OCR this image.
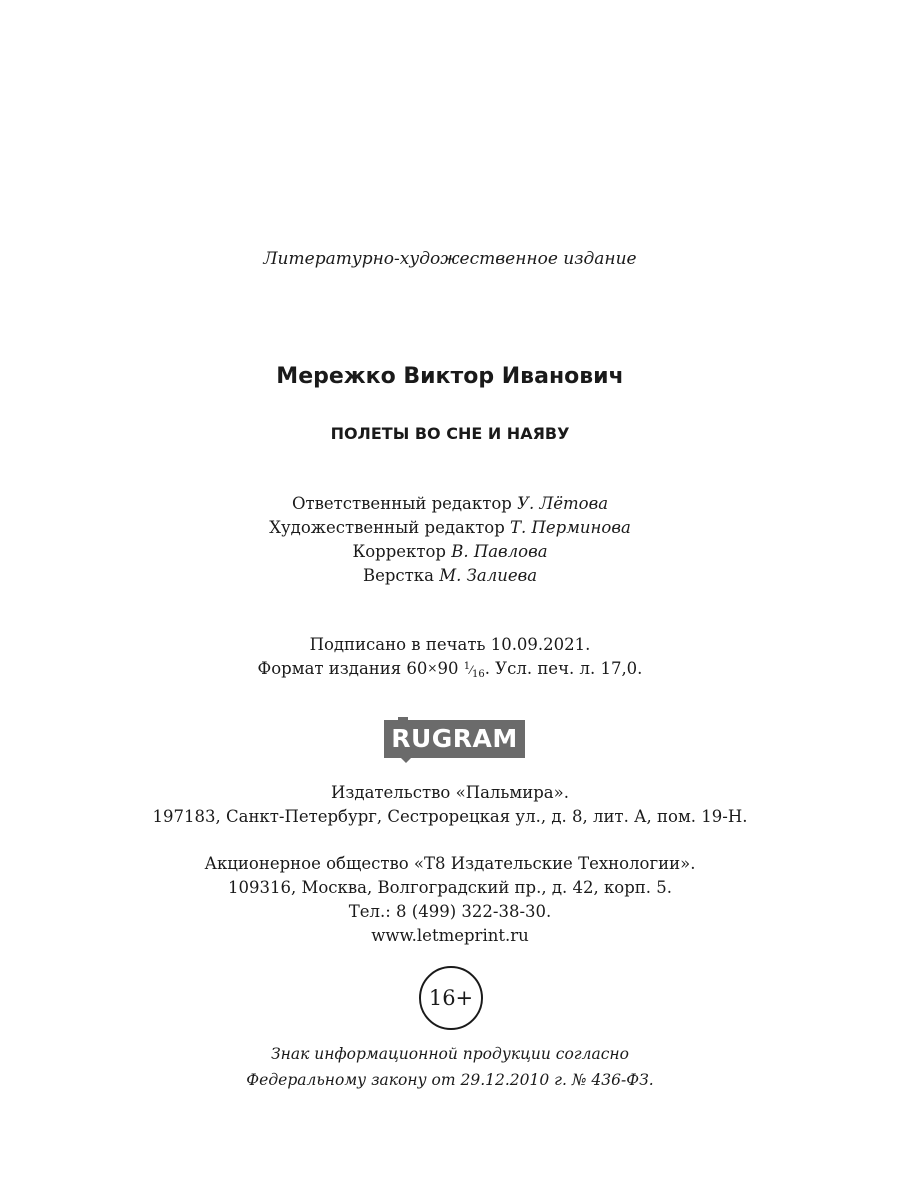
Литературно-художественное издание
Мережко Виктор Иванович
ПОЛЕТЫ ВО СНЕ И НАЯВУ
Ответственный редактор У. Лётова
Художественный редактор Т. Перминова
Корректор В. Павлова
Верстка М. Залиева
Подписано в печать 10.09.2021.
Формат издания 60×90 $^1⁄_{16}$. Усл. печ. л. 17,0.
RUGRAM
Издательство «Пальмира».
197183, Санкт-Петербург, Сестрорецкая ул., д. 8, лит. А, пом. 19-Н.
Акционерное общество «Т8 Издательские Технологии».
109316, Москва, Волгоградский пр., д. 42, корп. 5.
Тел.: 8 (499) 322-38-30.
www.letmeprint.ru
16+
Знак информационной продукции согласно
Федеральному закону от 29.12.2010 г. № 436-ФЗ.
